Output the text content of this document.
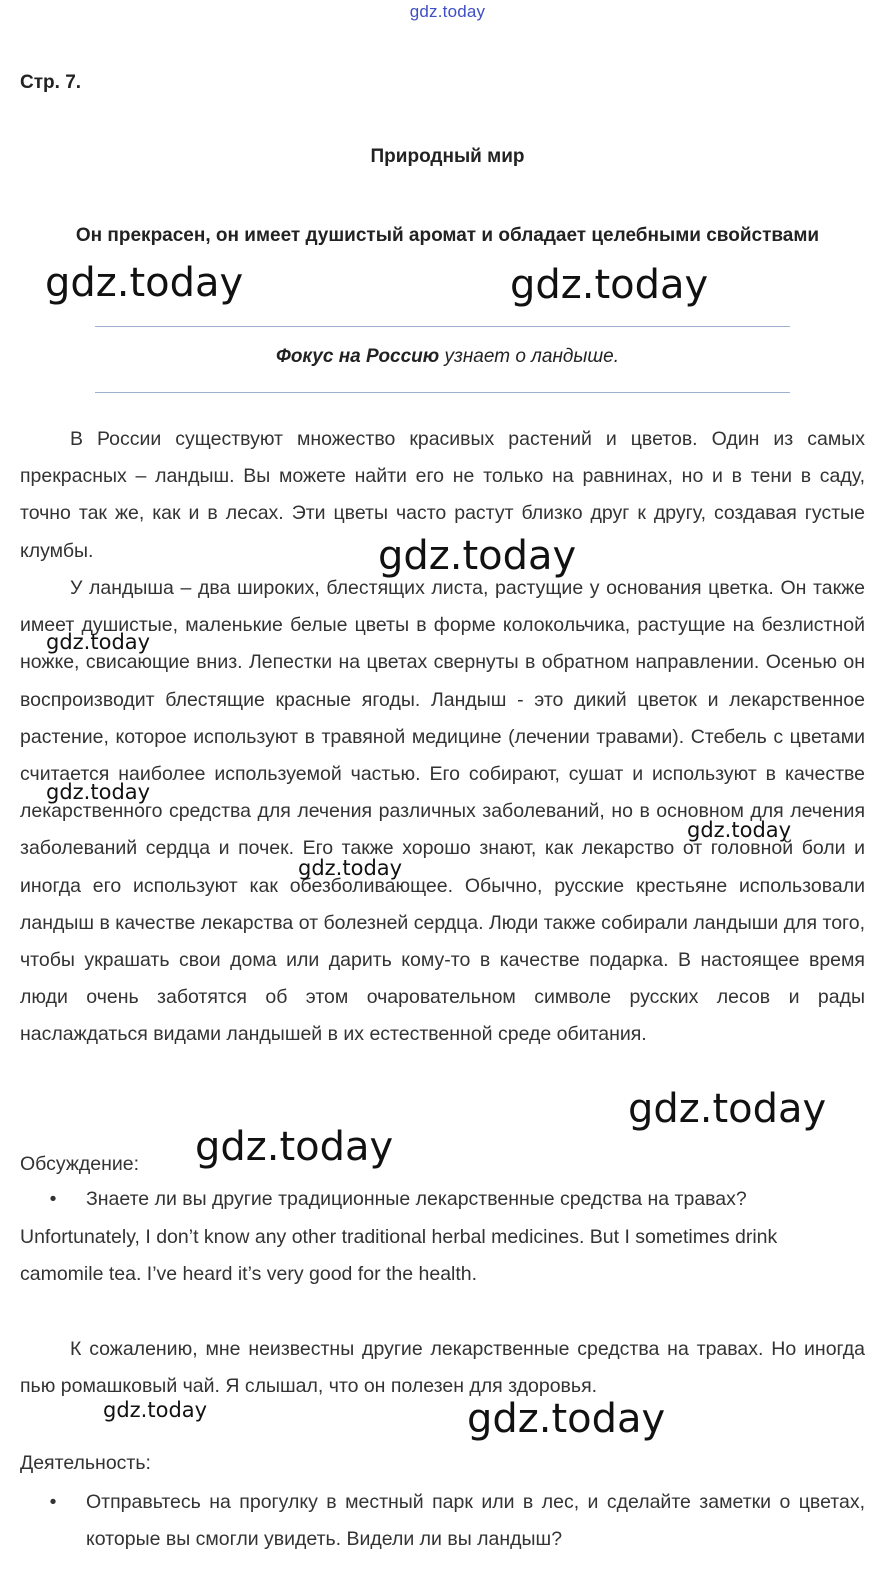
gdz.today
Стр. 7.
Природный мир
Он прекрасен, он имеет душистый аромат и обладает целебными свойствами
Фокус на Россию узнает о ландыше.
В России существуют множество красивых растений и цветов. Один из самых прекрасных – ландыш. Вы можете найти его не только на равнинах, но и в тени в саду, точно так же, как и в лесах. Эти цветы часто растут близко друг к другу, создавая густые клумбы.
У ландыша – два широких, блестящих листа, растущие у основания цветка. Он также имеет душистые, маленькие белые цветы в форме колокольчика, растущие на безлистной ножке, свисающие вниз. Лепестки на цветах свернуты в обратном направлении. Осенью он воспроизводит блестящие красные ягоды. Ландыш - это дикий цветок и лекарственное растение, которое используют в травяной медицине (лечении травами). Стебель с цветами считается наиболее используемой частью. Его собирают, сушат и используют в качестве лекарственного средства для лечения различных заболеваний, но в основном для лечения заболеваний сердца и почек. Его также хорошо знают, как лекарство от головной боли и иногда его используют как обезболивающее. Обычно, русские крестьяне использовали ландыш в качестве лекарства от болезней сердца. Люди также собирали ландыши для того, чтобы украшать свои дома или дарить кому-то в качестве подарка. В настоящее время люди очень заботятся об этом очаровательном символе русских лесов и рады наслаждаться видами ландышей в их естественной среде обитания.
Обсуждение:
• Знаете ли вы другие традиционные лекарственные средства на травах?
Unfortunately, I don’t know any other traditional herbal medicines. But I sometimes drink camomile tea. I’ve heard it’s very good for the health.
К сожалению, мне неизвестны другие лекарственные средства на травах. Но иногда пью ромашковый чай. Я слышал, что он полезен для здоровья.
Деятельность:
•	Отправьтесь на прогулку в местный парк или в лес, и сделайте заметки о цветах, которые вы смогли увидеть. Видели ли вы ландыш?
gdz.today	gdz.today
gdz.today
gdz.today
gdz.today
gdz.today
gdz.today
gdz.today
gdz.today
gdz.today	gdz.today
